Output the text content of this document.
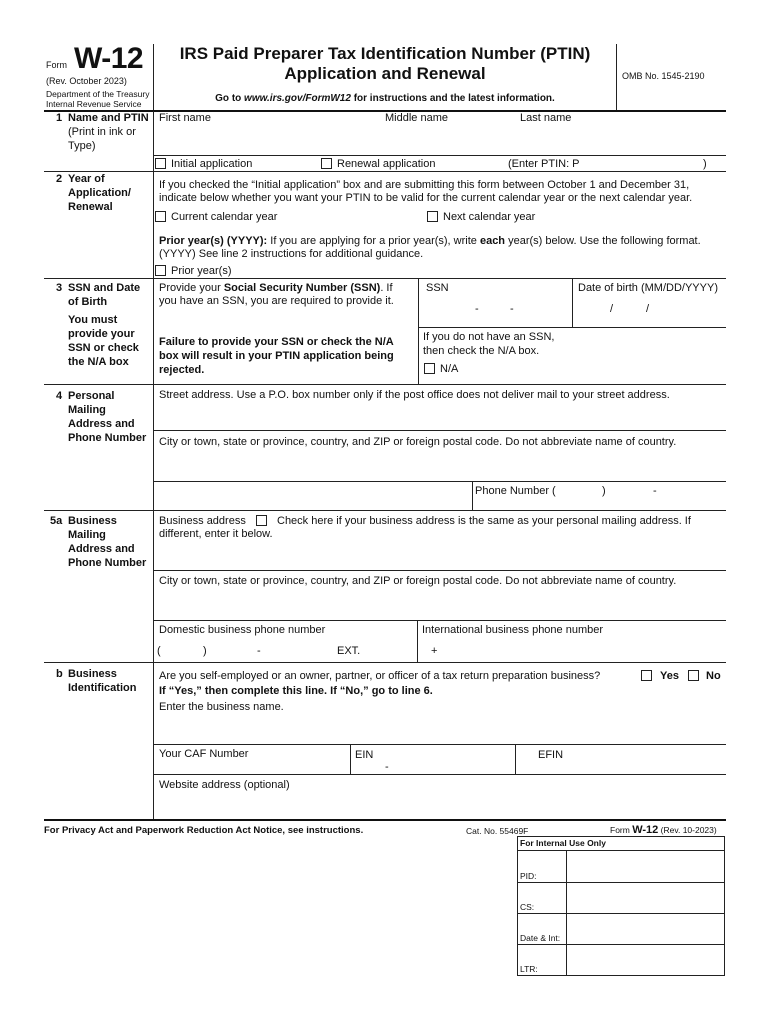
Form W-12
(Rev. October 2023)
Department of the Treasury
Internal Revenue Service
IRS Paid Preparer Tax Identification Number (PTIN)
Application and Renewal
Go to www.irs.gov/FormW12 for instructions and the latest information.
OMB No. 1545-2190
1 Name and PTIN
(Print in ink or
Type)
First name	Middle name	Last name
Initial application	Renewal application	(Enter PTIN: P	)
2 Year of
Application/
Renewal
If you checked the “Initial application” box and are submitting this form between October 1 and December 31,
indicate below whether you want your PTIN to be valid for the current calendar year or the next calendar year.
Current calendar year	Next calendar year
Prior year(s) (YYYY): If you are applying for a prior year(s), write each year(s) below. Use the following format.
(YYYY) See line 2 instructions for additional guidance.
Prior year(s)
3 SSN and Date
of Birth
You must
provide your
SSN or check
the N/A box
Provide your Social Security Number (SSN). If
you have an SSN, you are required to provide it.
Failure to provide your SSN or check the N/A
box will result in your PTIN application being
rejected.
SSN
-	-
Date of birth (MM/DD/YYYY)
/	/
If you do not have an SSN,
then check the N/A box.
N/A
4 Personal
Mailing
Address and
Phone Number
Street address. Use a P.O. box number only if the post office does not deliver mail to your street address.
City or town, state or province, country, and ZIP or foreign postal code. Do not abbreviate name of country.
Phone Number (	)	-
5a Business
Mailing
Address and
Phone Number
Business address	Check here if your business address is the same as your personal mailing address. If
different, enter it below.
City or town, state or province, country, and ZIP or foreign postal code. Do not abbreviate name of country.
Domestic business phone number
(	)	-	EXT.
International business phone number
+
b Business
Identification
Are you self-employed or an owner, partner, or officer of a tax return preparation business?	Yes No
If “Yes,” then complete this line. If “No,” go to line 6.
Enter the business name.
Your CAF Number	EIN
-
EFIN
Website address (optional)
For Privacy Act and Paperwork Reduction Act Notice, see instructions.	Cat. No. 55469F	Form W-12 (Rev. 10-2023)
For Internal Use Only
PID:
CS:
Date & Int:
LTR:
